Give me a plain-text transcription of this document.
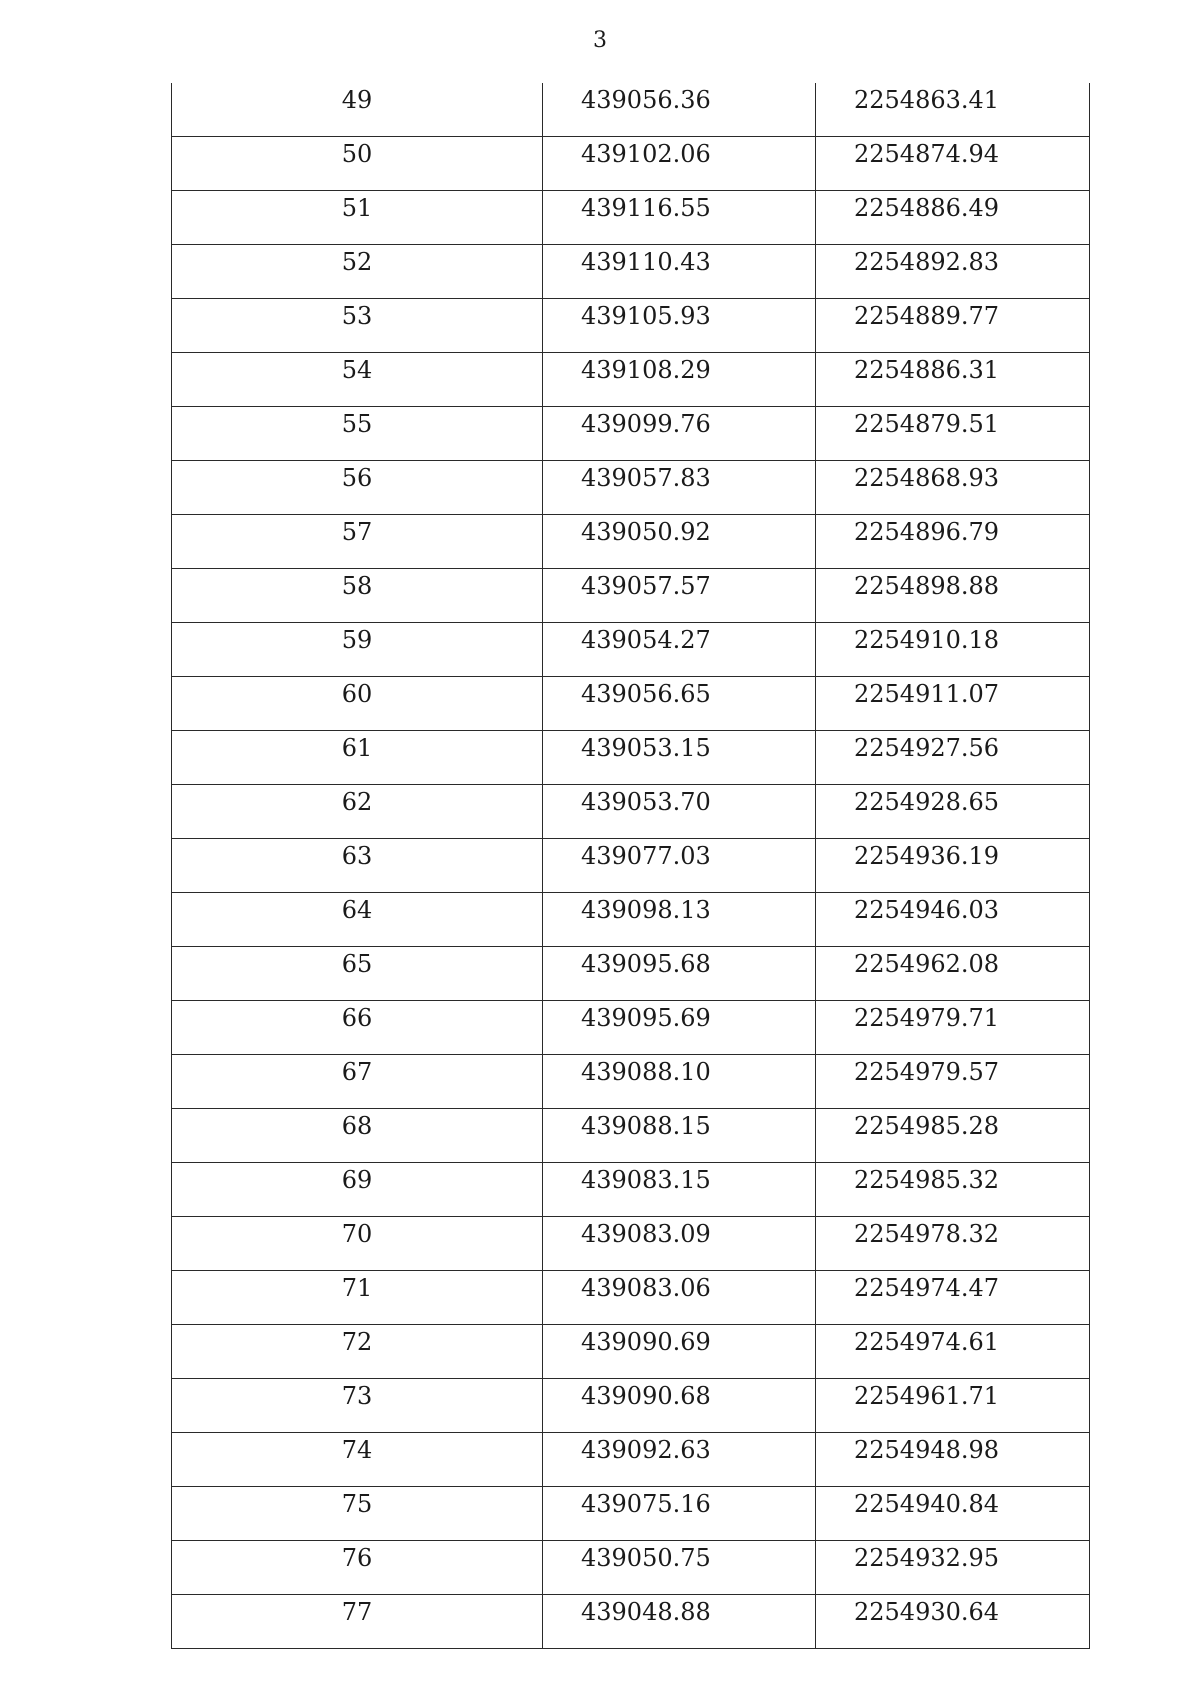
3
49	439056.36	2254863.41

50	439102.06	2254874.94

51	439116.55	2254886.49

52	439110.43	2254892.83

53	439105.93	2254889.77

54	439108.29	2254886.31

55	439099.76	2254879.51

56	439057.83	2254868.93

57	439050.92	2254896.79

58	439057.57	2254898.88

59	439054.27	2254910.18

60	439056.65	2254911.07

61	439053.15	2254927.56

62	439053.70	2254928.65

63	439077.03	2254936.19

64	439098.13	2254946.03

65	439095.68	2254962.08

66	439095.69	2254979.71

67	439088.10	2254979.57

68	439088.15	2254985.28

69	439083.15	2254985.32

70	439083.09	2254978.32

71	439083.06	2254974.47

72	439090.69	2254974.61

73	439090.68	2254961.71

74	439092.63	2254948.98

75	439075.16	2254940.84

76	439050.75	2254932.95

77	439048.88	2254930.64
